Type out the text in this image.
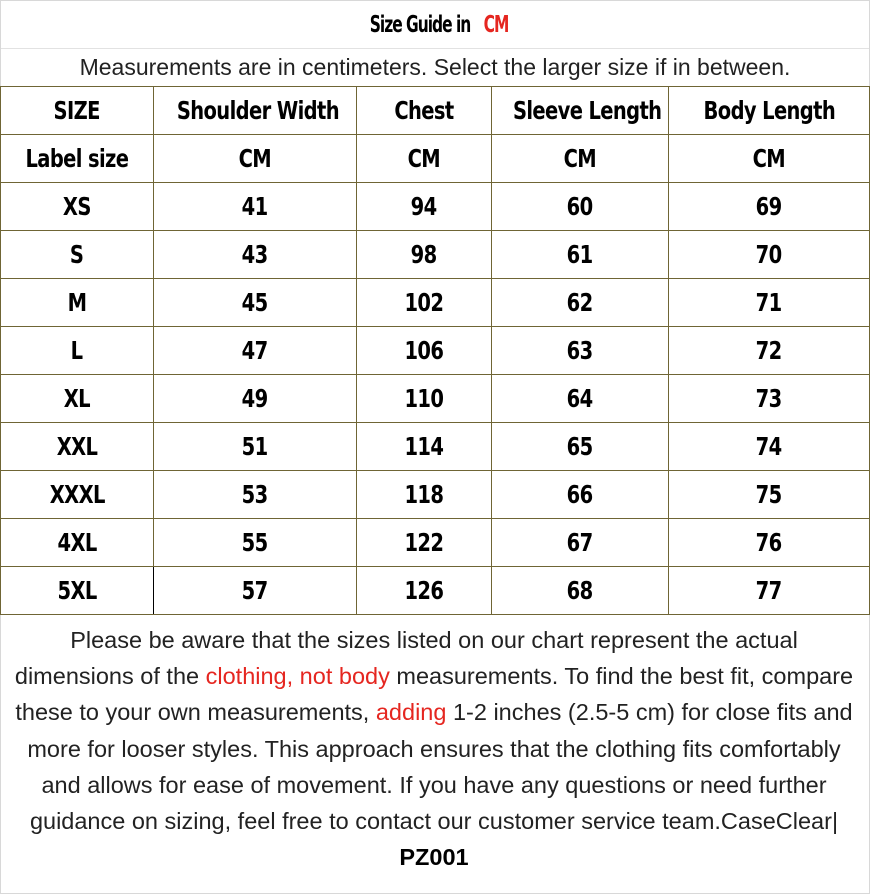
Size Guide inCM
Measurements are in centimeters. Select the larger size if in between.
SIZE	Shoulder Width	Chest	Sleeve Length	Body Length
Label size	CM	CM	CM	CM
XS	41	94	60	69
S	43	98	61	70
M	45	102	62	71
L	47	106	63	72
XL	49	110	64	73
XXL	51	114	65	74
XXXL	53	118	66	75
4XL	55	122	67	76
5XL	57	126	68	77
Please be aware that the sizes listed on our chart represent the actual dimensions of the clothing, not body measurements. To find the best fit, compare these to your own measurements, adding 1-2 inches (2.5-5 cm) for close fits and more for looser styles. This approach ensures that the clothing fits comfortably and allows for ease of movement. If you have any questions or need further guidance on sizing, feel free to contact our customer service team.CaseClear| PZ001
